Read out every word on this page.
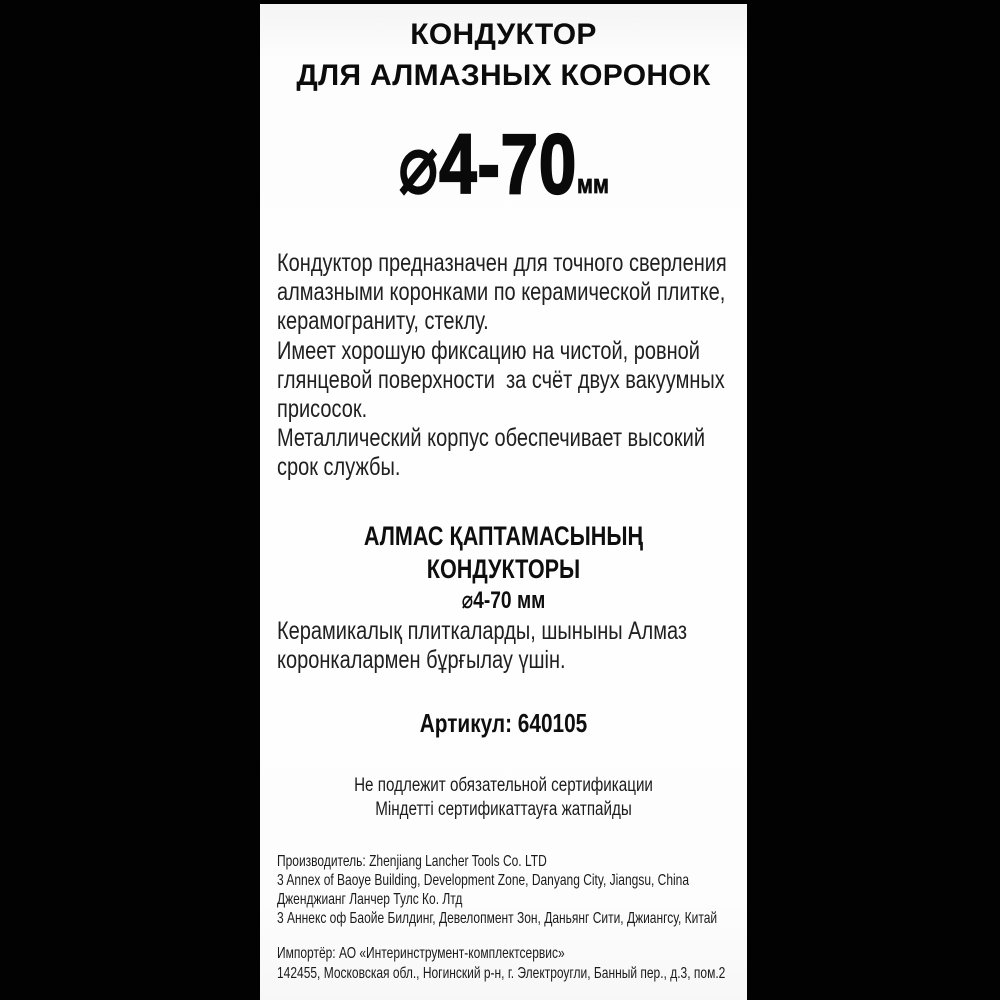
КОНДУКТОР
ДЛЯ АЛМАЗНЫХ КОРОНОК
⌀4-70мм
Кондуктор предназначен для точного сверления
алмазными коронками по керамической плитке,
керамограниту, стеклу.
Имеет хорошую фиксацию на чистой, ровной
глянцевой поверхности  за счёт двух вакуумных
присосок.
Металлический корпус обеспечивает высокий
срок службы.
АЛМАС ҚАПТАМАСЫНЫҢ КОНДУКТОРЫ
⌀4-70 мм
Керамикалық плиткаларды, шыныны Алмаз
коронкалармен бұрғылау үшін.
Артикул: 640105
Не подлежит обязательной сертификации
Міндетті сертификаттауға жатпайды
Производитель: Zhenjiang Lancher Tools Co. LTD
3 Annex of Baoye Building, Development Zone, Danyang City, Jiangsu, China
Дженджианг Ланчер Тулс Ко. Лтд
3 Аннекс оф Баойе Билдинг, Девелопмент Зон, Даньянг Сити, Джиангсу, Китай
Импортёр: АО «Интеринструмент-комплектсервис»
142455, Московская обл., Ногинский р-н, г. Электроугли, Банный пер., д.3, пом.2
